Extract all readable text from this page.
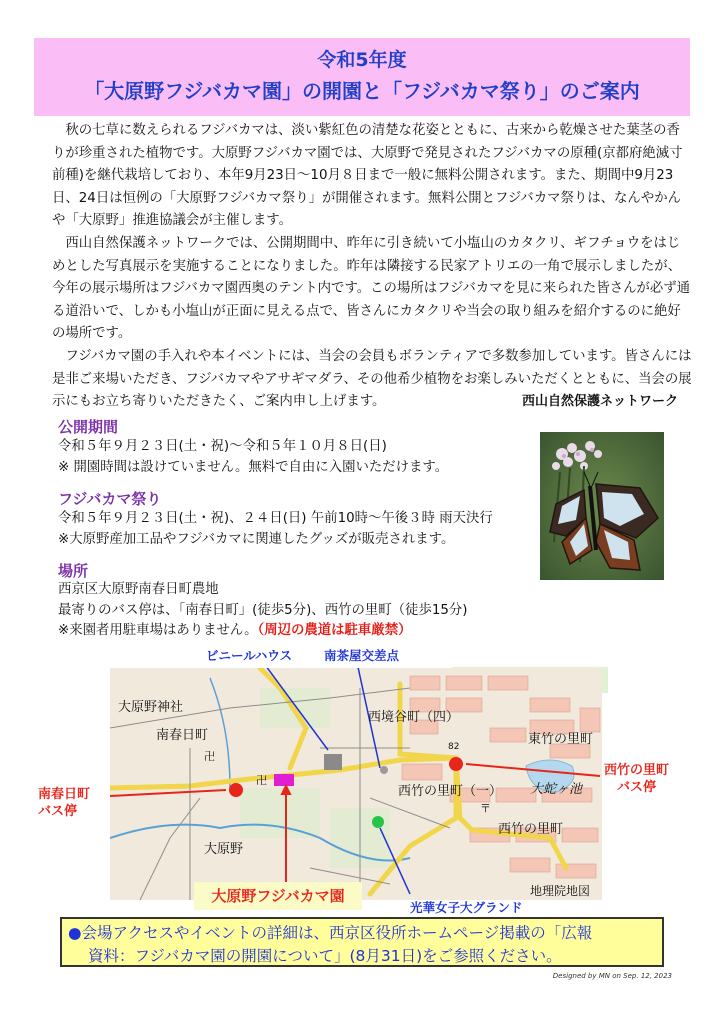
令和5年度
「大原野フジバカマ園」の開園と「フジバカマ祭り」のご案内

秋の七草に数えられるフジバカマは、淡い紫紅色の清楚な花姿とともに、古来から乾燥させた葉茎の香りが珍重された植物です。大原野フジバカマ園では、大原野で発見されたフジバカマの原種(京都府絶滅寸前種)を継代栽培しており、本年9月23日～10月８日まで一般に無料公開されます。また、期間中9月23日、24日は恒例の「大原野フジバカマ祭り」が開催されます。無料公開とフジバカマ祭りは、なんやかんや「大原野」推進協議会が主催します。

西山自然保護ネットワークでは、公開期間中、昨年に引き続いて小塩山のカタクリ、ギフチョウをはじめとした写真展示を実施することになりました。昨年は隣接する民家アトリエの一角で展示しましたが、今年の展示場所はフジバカマ園西奥のテント内です。この場所はフジバカマを見に来られた皆さんが必ず通る道沿いで、しかも小塩山が正面に見える点で、皆さんにカタクリや当会の取り組みを紹介するのに絶好の場所です。

フジバカマ園の手入れや本イベントには、当会の会員もボランティアで多数参加しています。皆さんには是非ご来場いただき、フジバカマやアサギマダラ、その他希少植物をお楽しみいただくとともに、当会の展示にもお立ち寄りいただきたく、ご案内申し上げます。	西山自然保護ネットワーク
公開期間
令和５年９月２３日(土・祝)～令和５年１０月８日(日)
※ 開園時間は設けていません。無料で自由に入園いただけます。
フジバカマ祭り
令和５年９月２３日(土・祝)、２４日(日) 午前10時～午後３時 雨天決行
※大原野産加工品やフジバカマに関連したグッズが販売されます。
場所
西京区大原野南春日町農地
最寄りのバス停は、「南春日町」(徒歩5分)、西竹の里町（徒歩15分)
※来園者用駐車場はありません。（周辺の農道は駐車厳禁）
ビニールハウス	南茶屋交差点
大原野神社
南春日町
西境谷町（四）
東竹の里町
西竹の里町（一） 大蛇ヶ池
西竹の里町
大原野
地理院地図
82
卍
卍
〒
南春日町
バス停
西竹の里町
バス停
大原野フジバカマ園
光華女子大グランド
●会場アクセスやイベントの詳細は、西京区役所ホームページ掲載の「広報
資料：フジバカマ園の開園について」(8月31日)をご参照ください。
Designed by MN on Sep. 12, 2023
